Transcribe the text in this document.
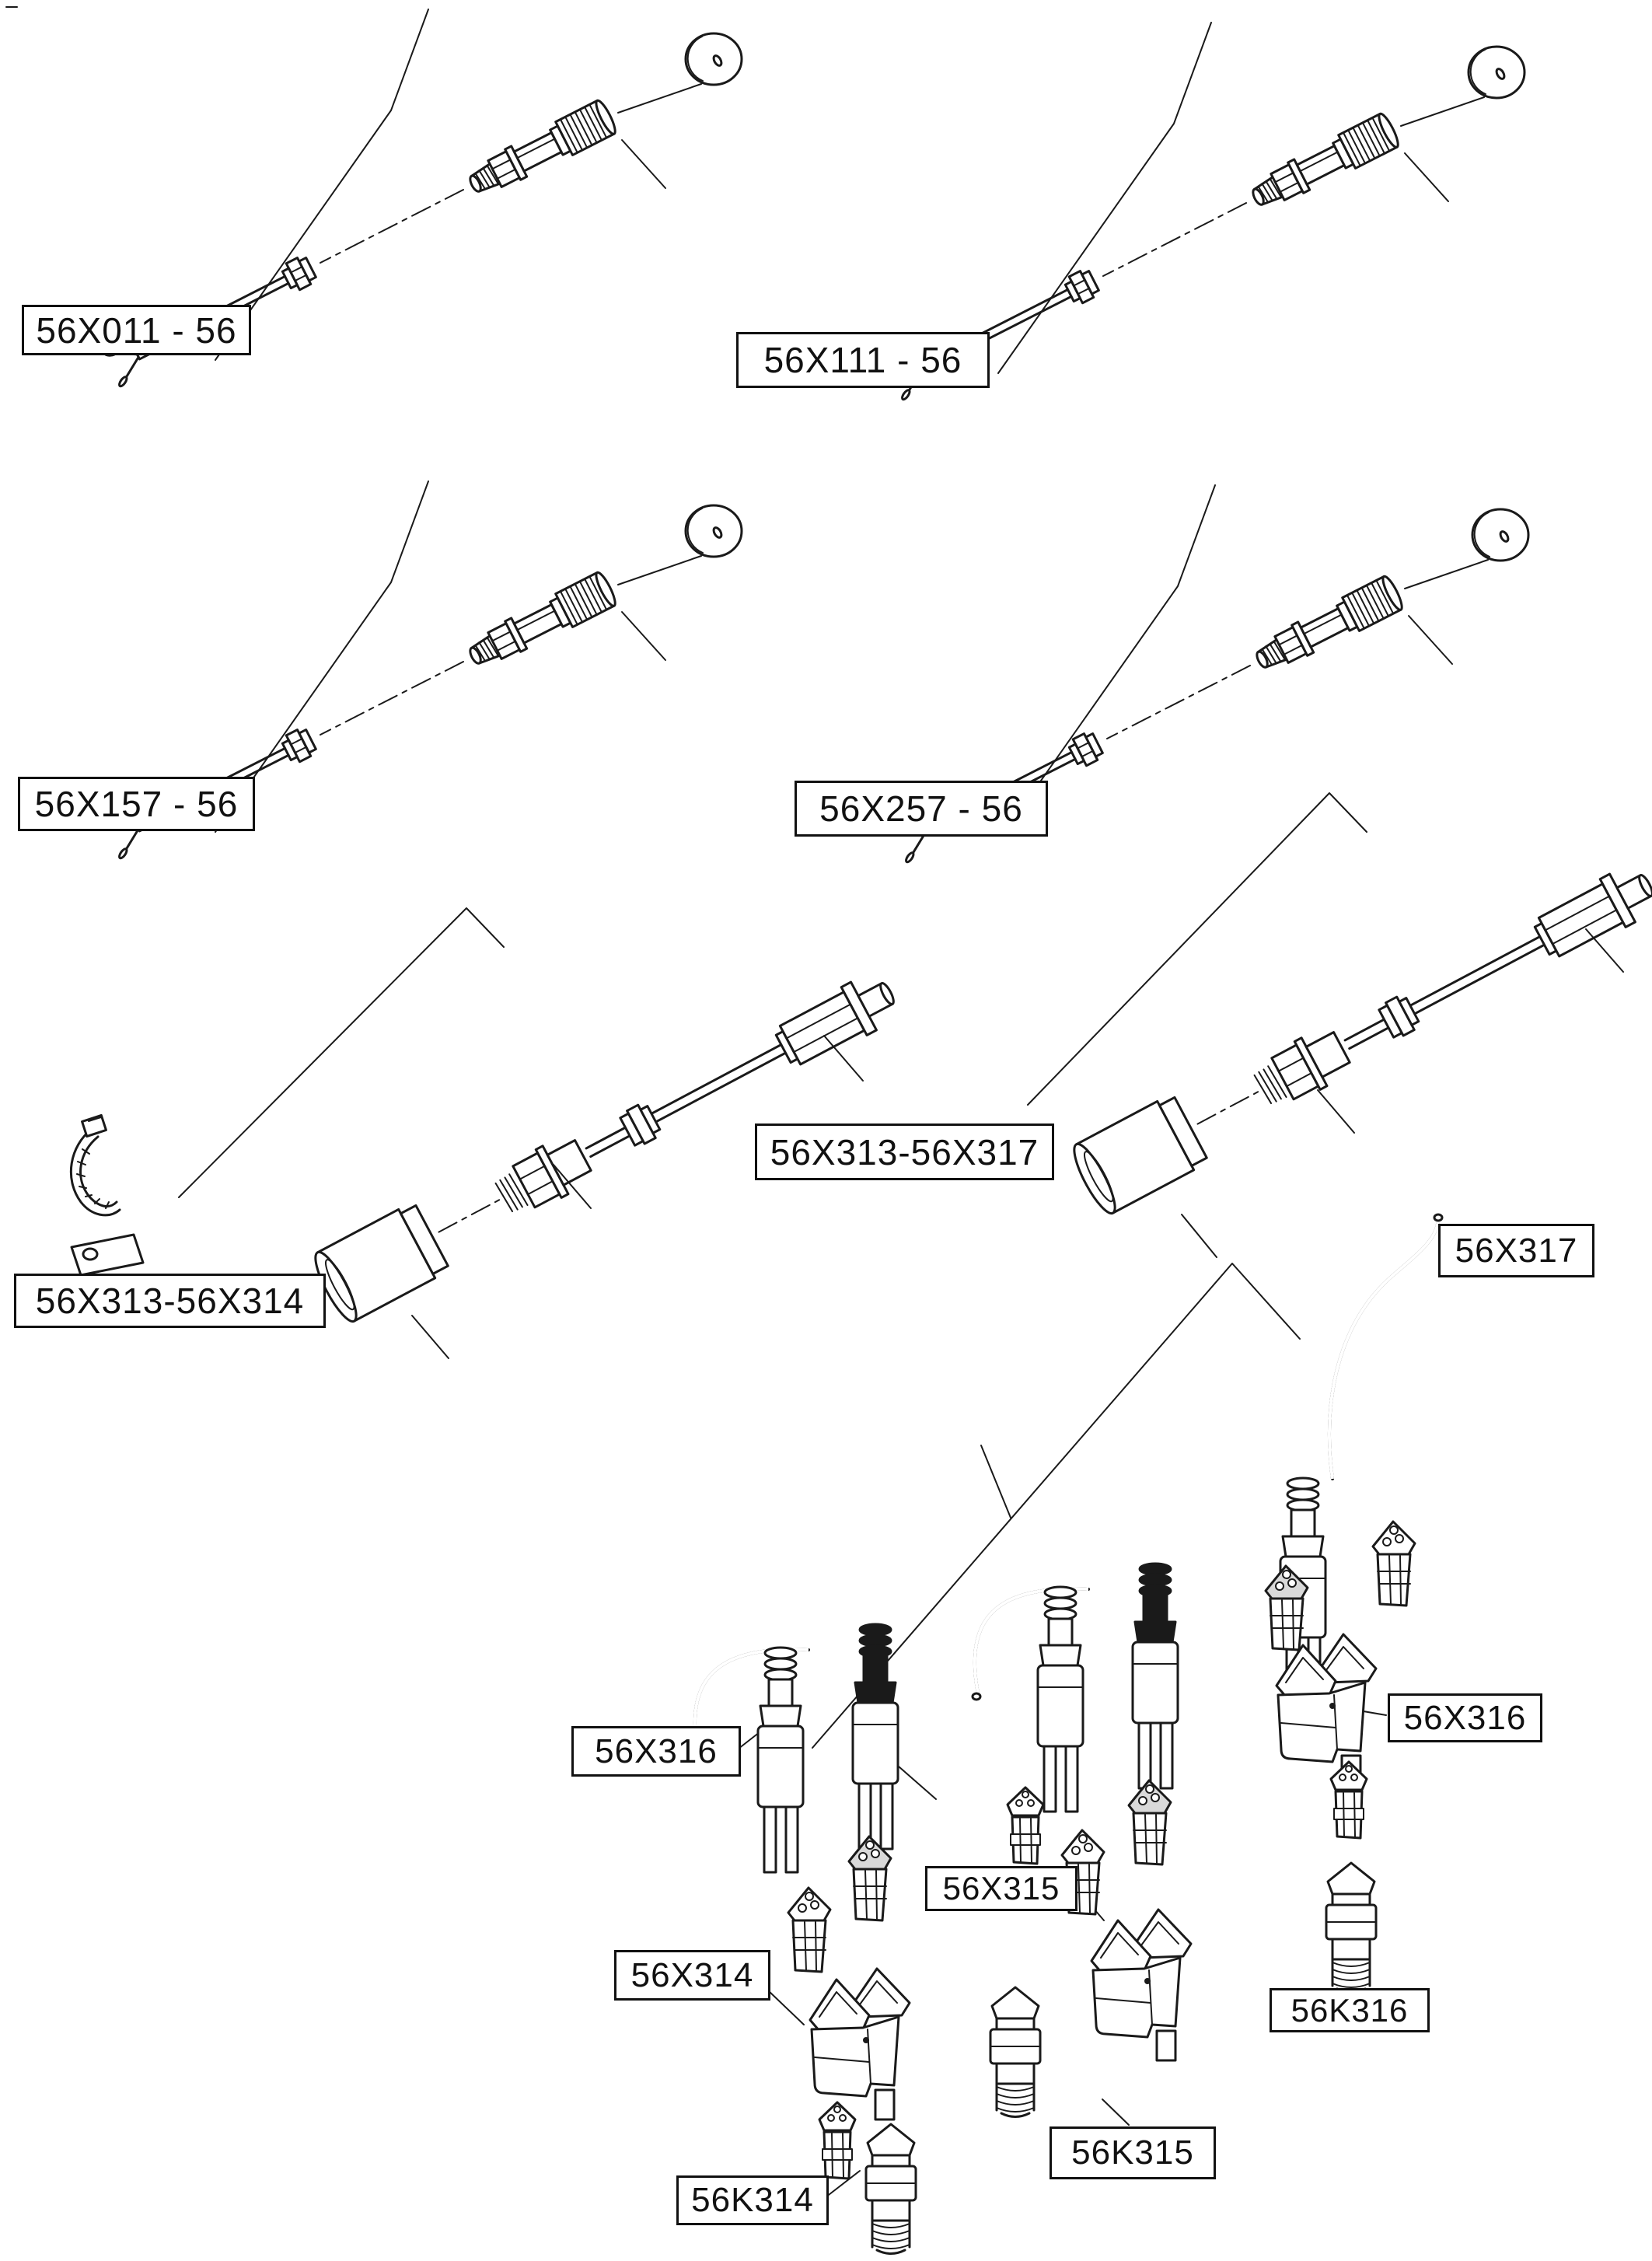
56X011 - 56
56X111 - 56
56X157 - 56	56X257 - 56
56X313-56X317
56X313-56X314
56X317
56X316
56X316
56X315
56X314
56K316
56K315
56K314
